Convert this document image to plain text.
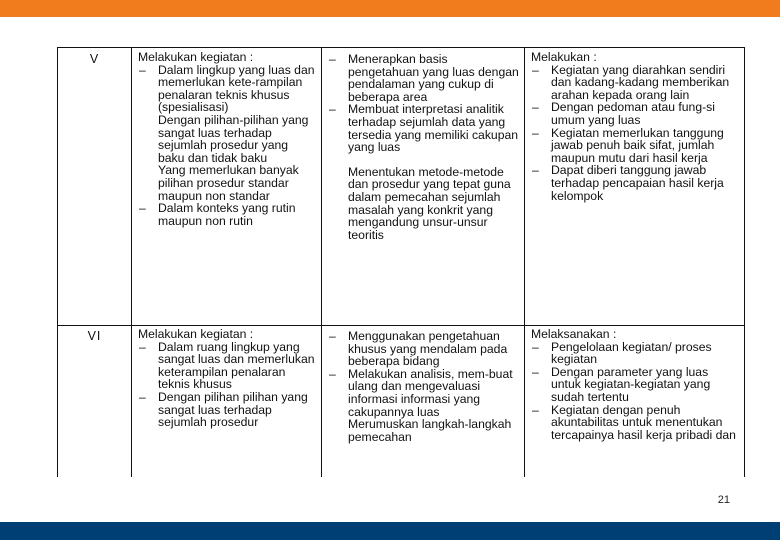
V	Melakukan kegiatan :

– Dalam lingkup yang luas dan memerlukan kete-rampilan penalaran teknis khusus (spesialisasi)
Dengan pilihan-pilihan yang sangat luas terhadap sejumlah prosedur yang baku dan tidak baku
Yang memerlukan banyak pilihan prosedur standar maupun non standar
– Dalam konteks yang rutin maupun non rutin
– Menerapkan basis pengetahuan yang luas dengan pendalaman yang cukup di beberapa area
– Membuat interpretasi analitik terhadap sejumlah data yang tersedia yang memiliki cakupan yang luas
Menentukan metode-metode dan prosedur yang tepat guna dalam pemecahan sejumlah masalah yang konkrit yang mengandung unsur-unsur teoritis

Melakukan :

– Kegiatan yang diarahkan sendiri dan kadang-kadang memberikan arahan kepada orang lain
– Dengan pedoman atau fung-si umum yang luas
– Kegiatan memerlukan tanggung jawab penuh baik sifat, jumlah maupun mutu dari hasil kerja
– Dapat diberi tanggung jawab terhadap pencapaian hasil kerja kelompok
VI	Melakukan kegiatan :

– Dalam ruang lingkup yang sangat luas dan memerlukan keterampilan penalaran teknis khusus
– Dengan pilihan pilihan yang sangat luas terhadap sejumlah prosedur
– Menggunakan pengetahuan khusus yang mendalam pada beberapa bidang
– Melakukan analisis, mem-buat ulang dan mengevaluasi informasi informasi yang cakupannya luas
Merumuskan langkah-langkah pemecahan

Melaksanakan :

– Pengelolaan kegiatan/ proses kegiatan
– Dengan parameter yang luas untuk kegiatan-kegiatan yang sudah tertentu
– Kegiatan dengan penuh akuntabilitas untuk menentukan tercapainya hasil kerja pribadi dan
21
